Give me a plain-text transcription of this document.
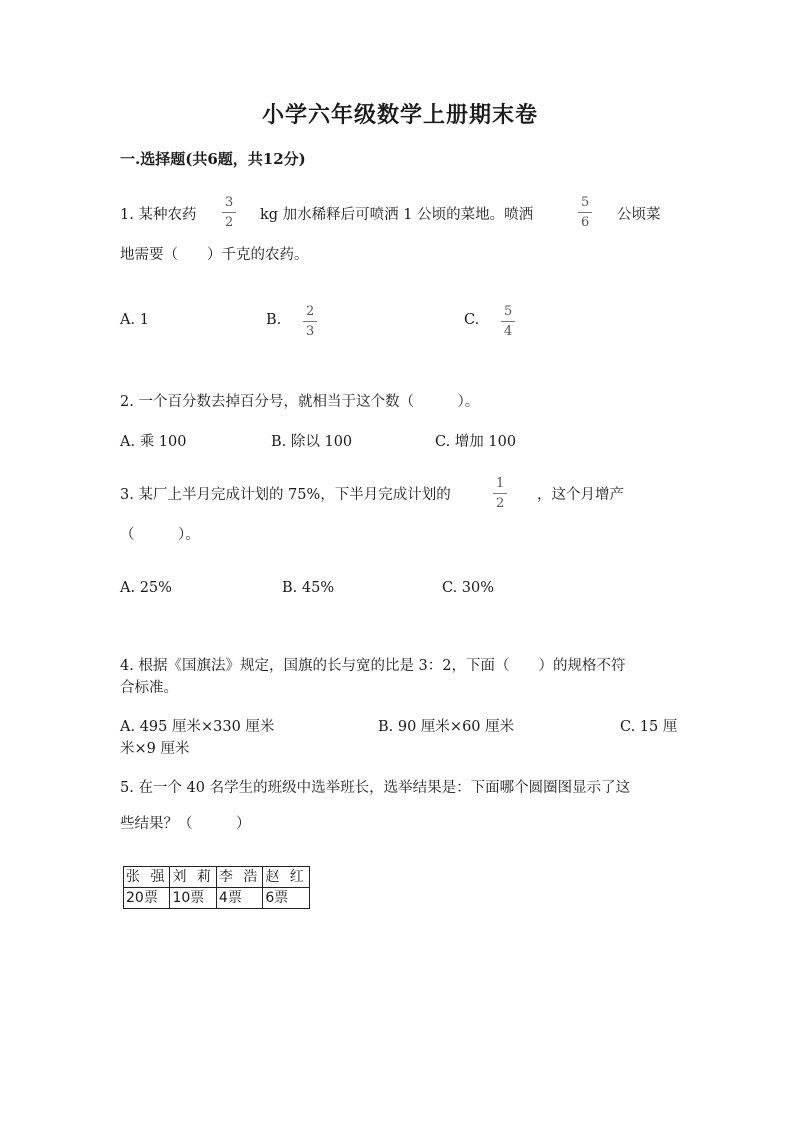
小学六年级数学上册期末卷
一.选择题(共6题，共12分)
1. 某种农药
3
2 kg 加水稀释后可喷洒 1 公顷的菜地。喷洒
5
6 公顷菜
地需要（　　）千克的农药。
A. 1	B.
2
3
C.
5
4
2. 一个百分数去掉百分号，就相当于这个数（　　　）。
A. 乘 100	B. 除以 100	C. 增加 100
3. 某厂上半月完成计划的 75%，下半月完成计划的
1
2
，这个月增产
（　　　）。
A. 25%	B. 45%	C. 30%
4. 根据《国旗法》规定，国旗的长与宽的比是 3：2，下面（　　）的规格不符
合标准。
A. 495 厘米×330 厘米	B. 90 厘米×60 厘米	C. 15 厘
米×9 厘米
5. 在一个 40 名学生的班级中选举班长，选举结果是：下面哪个圆圈图显示了这
些结果？（　　　）
张 强	刘 莉	李 浩	赵 红
20票	10票	4票	6票
